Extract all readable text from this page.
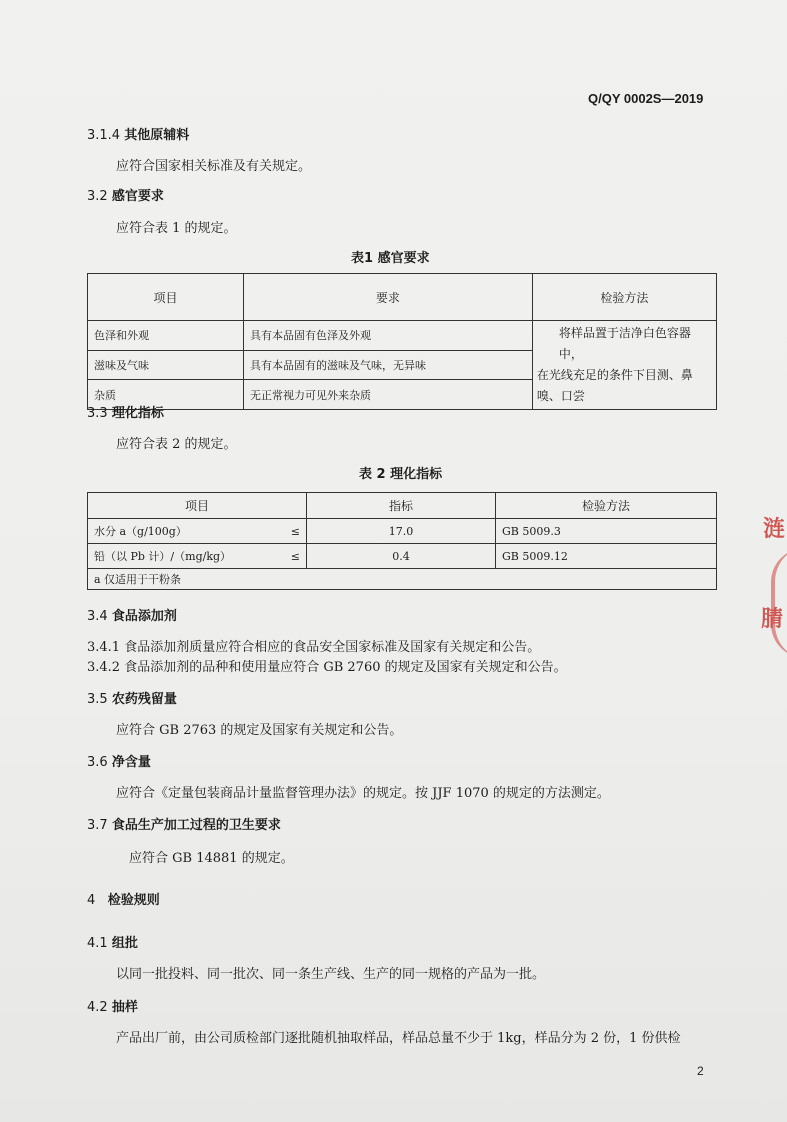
Q/QY 0002S—2019
3.1.4 其他原辅料
应符合国家相关标准及有关规定。
3.2 感官要求
应符合表 1 的规定。
表1 感官要求
项目	要求	检验方法
色泽和外观	具有本品固有色泽及外观	将样品置于洁净白色容器中，
在光线充足的条件下目测、鼻
嗅、口尝

滋味及气味	具有本品固有的滋味及气味，无异味	
杂质	无正常视力可见外来杂质	
3.3 理化指标
应符合表 2 的规定。
表 2 理化指标
项目		指标	检验方法
水分 a（g/100g）	≤	17.0	GB 5009.3
铅（以 Pb 计）/（mg/kg）	≤	0.4	GB 5009.12
a 仅适用于干粉条			
3.4 食品添加剂
3.4.1 食品添加剂质量应符合相应的食品安全国家标准及国家有关规定和公告。
3.4.2 食品添加剂的品种和使用量应符合 GB 2760 的规定及国家有关规定和公告。
3.5 农药残留量
应符合 GB 2763 的规定及国家有关规定和公告。
3.6 净含量
应符合《定量包装商品计量监督管理办法》的规定。按 JJF 1070 的规定的方法测定。
3.7 食品生产加工过程的卫生要求
应符合 GB 14881 的规定。
4 检验规则
4.1 组批
以同一批投料、同一批次、同一条生产线、生产的同一规格的产品为一批。
4.2 抽样
产品出厂前，由公司质检部门逐批随机抽取样品，样品总量不少于 1kg，样品分为 2 份，1 份供检
2
涟
腈
